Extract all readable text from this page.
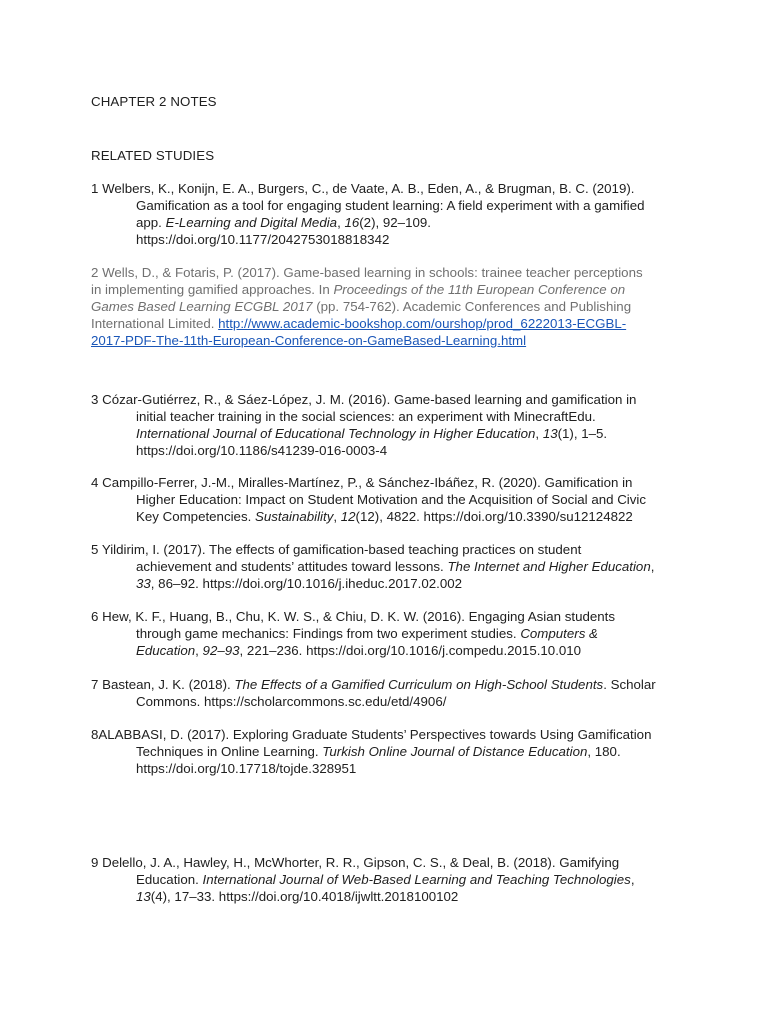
CHAPTER 2 NOTES
RELATED STUDIES
1 Welbers, K., Konijn, E. A., Burgers, C., de Vaate, A. B., Eden, A., & Brugman, B. C. (2019).
Gamification as a tool for engaging student learning: A field experiment with a gamified
app. E-Learning and Digital Media, 16(2), 92–109.
https://doi.org/10.1177/2042753018818342
2 Wells, D., & Fotaris, P. (2017). Game-based learning in schools: trainee teacher perceptions
in implementing gamified approaches. In Proceedings of the 11th European Conference on
Games Based Learning ECGBL 2017 (pp. 754-762). Academic Conferences and Publishing
International Limited. http://www.academic-bookshop.com/ourshop/prod_6222013-ECGBL-
2017-PDF-The-11th-European-Conference-on-GameBased-Learning.html
3 Cózar-Gutiérrez, R., & Sáez-López, J. M. (2016). Game-based learning and gamification in
initial teacher training in the social sciences: an experiment with MinecraftEdu.
International Journal of Educational Technology in Higher Education, 13(1), 1–5.
https://doi.org/10.1186/s41239-016-0003-4
4 Campillo-Ferrer, J.-M., Miralles-Martínez, P., & Sánchez-Ibáñez, R. (2020). Gamification in
Higher Education: Impact on Student Motivation and the Acquisition of Social and Civic
Key Competencies. Sustainability, 12(12), 4822. https://doi.org/10.3390/su12124822
5 Yildirim, I. (2017). The effects of gamification-based teaching practices on student
achievement and students’ attitudes toward lessons. The Internet and Higher Education,
33, 86–92. https://doi.org/10.1016/j.iheduc.2017.02.002
6 Hew, K. F., Huang, B., Chu, K. W. S., & Chiu, D. K. W. (2016). Engaging Asian students
through game mechanics: Findings from two experiment studies. Computers &
Education, 92–93, 221–236. https://doi.org/10.1016/j.compedu.2015.10.010
7 Bastean, J. K. (2018). The Effects of a Gamified Curriculum on High-School Students. Scholar
Commons. https://scholarcommons.sc.edu/etd/4906/
8ALABBASI, D. (2017). Exploring Graduate Students’ Perspectives towards Using Gamification
Techniques in Online Learning. Turkish Online Journal of Distance Education, 180.
https://doi.org/10.17718/tojde.328951
9 Delello, J. A., Hawley, H., McWhorter, R. R., Gipson, C. S., & Deal, B. (2018). Gamifying
Education. International Journal of Web-Based Learning and Teaching Technologies,
13(4), 17–33. https://doi.org/10.4018/ijwltt.2018100102
